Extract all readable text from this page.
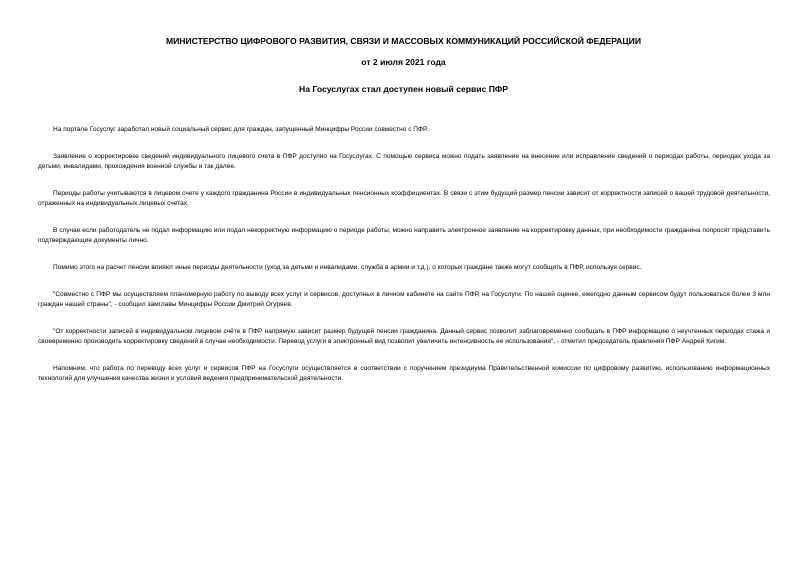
МИНИСТЕРСТВО ЦИФРОВОГО РАЗВИТИЯ, СВЯЗИ И МАССОВЫХ КОММУНИКАЦИЙ РОССИЙСКОЙ ФЕДЕРАЦИИ
от 2 июля 2021 года
На Госуслугах стал доступен новый сервис ПФР

На портале Госуслуг заработал новый социальный сервис для граждан, запущенный Минцифры России совместно с ПФР.

Заявление о корректировке сведений индивидуального лицевого счета в ПФР доступно на Госуслугах. С помощью сервиса можно подать заявление на внесение или исправление сведений о периодах работы, периодах ухода за детьми, инвалидами, прохождения военной службы и так далее.

Периоды работы учитываются в лицевом счете у каждого гражданина России в индивидуальных пенсионных коэффициентах. В связи с этим будущий размер пенсии зависит от корректности записей о вашей трудовой деятельности, отраженных на индивидуальных лицевых счетах.

В случае если работодатель не подал информацию или подал некорректную информацию о периоде работы, можно направить электронное заявление на корректировку данных, при необходимости гражданина попросят представить подтверждающие документы лично.

Помимо этого на расчет пенсии влияют иные периоды деятельности (уход за детьми и инвалидами, служба в армии и т.д.), о которых граждане также могут сообщить в ПФР, используя сервис.

"Совместно с ПФР мы осуществляем планомерную работу по выводу всех услуг и сервисов, доступных в личном кабинете на сайте ПФР, на Госуслуги. По нашей оценке, ежегодно данным сервисом будут пользоваться более 3 млн граждан нашей страны", - сообщил замглавы Минцифры России Дмитрий Огуряев.

"От корректности записей в индивидуальном лицевом счёте в ПФР напрямую зависит размер будущей пенсии гражданина. Данный сервис позволит заблаговременно сообщать в ПФР информацию о неучтенных периодах стажа и своевременно производить корректировку сведений в случае необходимости. Перевод услуги в электронный вид позволит увеличить интенсивность ее использования", - отметил председатель правления ПФР Андрей Кигим.

Напомним, что работа по переводу всех услуг и сервисов ПФР на Госуслуги осуществляется в соответствии с поручением президиума Правительственной комиссии по цифровому развитию, использованию информационных технологий для улучшения качества жизни и условий ведения предпринимательской деятельности.
